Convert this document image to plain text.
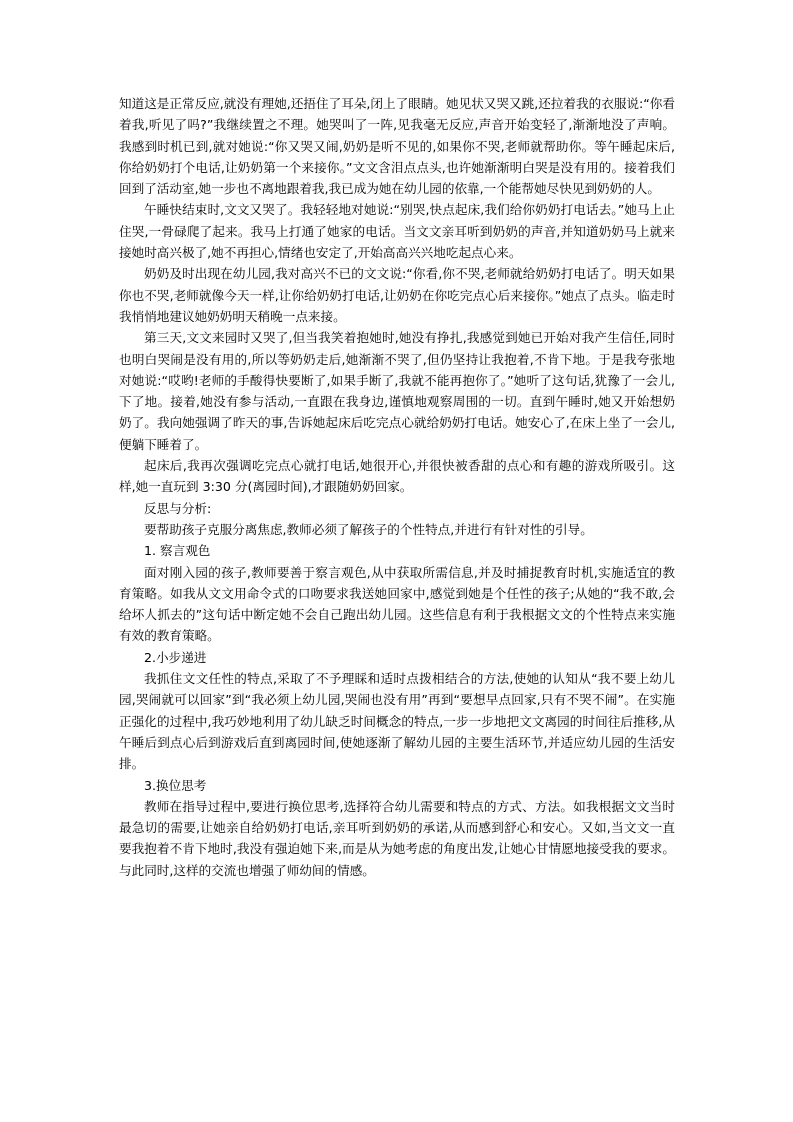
知道这是正常反应,就没有理她,还捂住了耳朵,闭上了眼睛。她见状又哭又跳,还拉着我的衣服说:“你看着我,听见了吗?”我继续置之不理。她哭叫了一阵,见我毫无反应,声音开始变轻了,渐渐地没了声响。我感到时机已到,就对她说:“你又哭又闹,奶奶是听不见的,如果你不哭,老师就帮助你。等午睡起床后,你给奶奶打个电话,让奶奶第一个来接你。”文文含泪点点头,也许她渐渐明白哭是没有用的。接着我们回到了活动室,她一步也不离地跟着我,我已成为她在幼儿园的依靠,一个能帮她尽快见到奶奶的人。

午睡快结束时,文文又哭了。我轻轻地对她说:“别哭,快点起床,我们给你奶奶打电话去。”她马上止住哭,一骨碌爬了起来。我马上打通了她家的电话。当文文亲耳听到奶奶的声音,并知道奶奶马上就来接她时高兴极了,她不再担心,情绪也安定了,开始高高兴兴地吃起点心来。

奶奶及时出现在幼儿园,我对高兴不已的文文说:“你看,你不哭,老师就给奶奶打电话了。明天如果你也不哭,老师就像今天一样,让你给奶奶打电话,让奶奶在你吃完点心后来接你。”她点了点头。临走时我悄悄地建议她奶奶明天稍晚一点来接。

第三天,文文来园时又哭了,但当我笑着抱她时,她没有挣扎,我感觉到她已开始对我产生信任,同时也明白哭闹是没有用的,所以等奶奶走后,她渐渐不哭了,但仍坚持让我抱着,不肯下地。于是我夸张地对她说:“哎哟!老师的手酸得快要断了,如果手断了,我就不能再抱你了。”她听了这句话,犹豫了一会儿,下了地。接着,她没有参与活动,一直跟在我身边,谨慎地观察周围的一切。直到午睡时,她又开始想奶奶了。我向她强调了昨天的事,告诉她起床后吃完点心就给奶奶打电话。她安心了,在床上坐了一会儿,便躺下睡着了。

起床后,我再次强调吃完点心就打电话,她很开心,并很快被香甜的点心和有趣的游戏所吸引。这样,她一直玩到 3:30 分(离园时间),才跟随奶奶回家。

反思与分析:

要帮助孩子克服分离焦虑,教师必须了解孩子的个性特点,并进行有针对性的引导。

1. 察言观色

面对刚入园的孩子,教师要善于察言观色,从中获取所需信息,并及时捕捉教育时机,实施适宜的教育策略。如我从文文用命令式的口吻要求我送她回家中,感觉到她是个任性的孩子;从她的“我不敢,会给坏人抓去的”这句话中断定她不会自己跑出幼儿园。这些信息有利于我根据文文的个性特点来实施有效的教育策略。

2.小步递进

我抓住文文任性的特点,采取了不予理睬和适时点拨相结合的方法,使她的认知从“我不要上幼儿园,哭闹就可以回家”到“我必须上幼儿园,哭闹也没有用”再到“要想早点回家,只有不哭不闹”。在实施正强化的过程中,我巧妙地利用了幼儿缺乏时间概念的特点,一步一步地把文文离园的时间往后推移,从午睡后到点心后到游戏后直到离园时间,使她逐渐了解幼儿园的主要生活环节,并适应幼儿园的生活安排。

3.换位思考

教师在指导过程中,要进行换位思考,选择符合幼儿需要和特点的方式、方法。如我根据文文当时最急切的需要,让她亲自给奶奶打电话,亲耳听到奶奶的承诺,从而感到舒心和安心。又如,当文文一直要我抱着不肯下地时,我没有强迫她下来,而是从为她考虑的角度出发,让她心甘情愿地接受我的要求。与此同时,这样的交流也增强了师幼间的情感。
